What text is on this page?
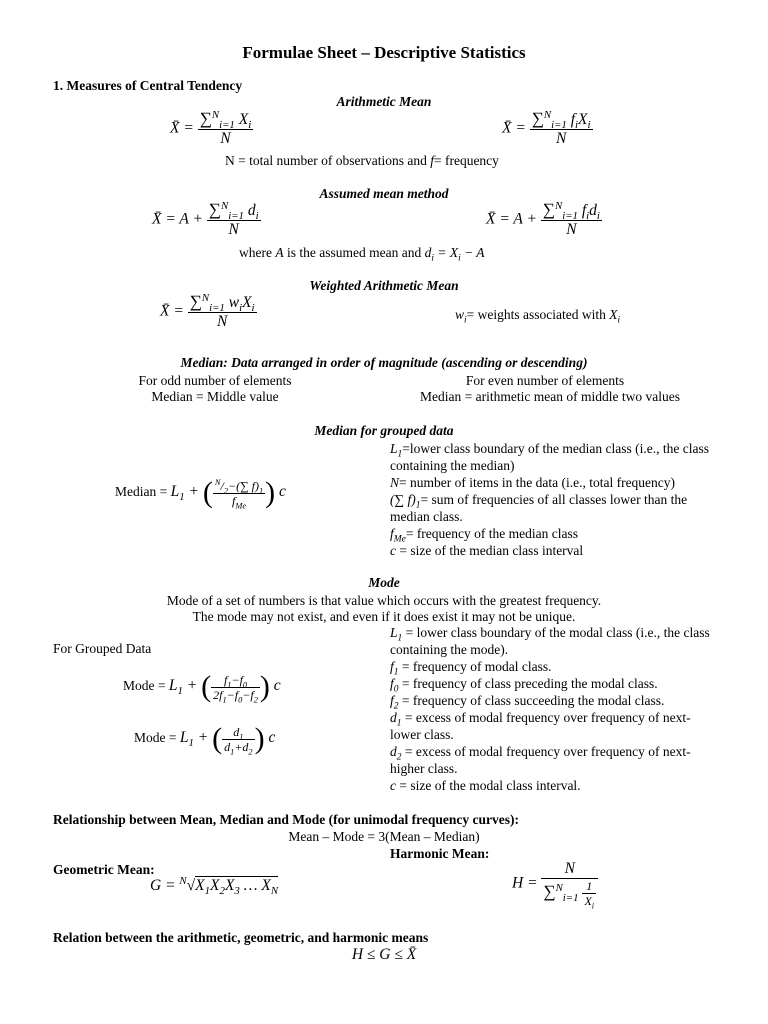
Formulae Sheet – Descriptive Statistics
1. Measures of Central Tendency
Arithmetic Mean
X̄ = $\frac{\sum^N_{i=1} X_i}{N}$	X̄ = $\frac{\sum^N_{i=1} f_iX_i}{N}$
N = total number of observations and f= frequency
Assumed mean method
X̄ = $A + \frac{\sum^N_{i=1} d_i}{N}$	X̄ = $A + \frac{\sum^N_{i=1} f_id_i}{N}$
where A is the assumed mean and $d_i = X_i - A$
Weighted Arithmetic Mean
X̄ = $\frac{\sum^N_{i=1} w_iX_i}{N}$	$w_i=$ weights associated with $X_i$
Median: Data arranged in order of magnitude (ascending or descending)
For odd number of elements
Median = Middle value
For even number of elements
Median = arithmetic mean of middle two values
Median for grouped data
Median = $L_1$ + ( $\frac{^N/_2-(\sum f)_1}{f_{Me}}$ ) c
$L_1=lower$ class boundary of the median class (i.e., the class containing the median)
N= number of items in the data (i.e., total frequency)
(∑ $f)_1=$ sum of frequencies of all classes lower than the median class.
$f_{Me}=$ frequency of the median class
c = size of the median class interval
Mode
Mode of a set of numbers is that value which occurs with the greatest frequency.
The mode may not exist, and even if it does exist it may not be unique.
For Grouped Data
Mode = $L_1$ + ( $\frac{f_1-f_0}{2f_1-f_0-f_2}$ ) c
Mode = $L_1$ + ( $\frac{d_1}{d_1+d_2}$ ) c
$L_1$ = lower class boundary of the modal class (i.e., the class containing the mode).
$f_1$ = frequency of modal class.
$f_0$ = frequency of class preceding the modal class.
$f_2$ = frequency of class succeeding the modal class.
$d_1$ = excess of modal frequency over frequency of next-lower class.
$d_2$ = excess of modal frequency over frequency of next-higher class.
c = size of the modal class interval.
Relationship between Mean, Median and Mode (for unimodal frequency curves):
Mean – Mode = 3(Mean – Median)
Harmonic Mean:
Geometric Mean:
$G = ^N√X_1X_2X_3$ … $X_N$	$H = \frac{N}{\sum^N_{i=1} \frac{1}{X_i}}$
Relation between the arithmetic, geometric, and harmonic means
H ≤ G ≤ X̄
